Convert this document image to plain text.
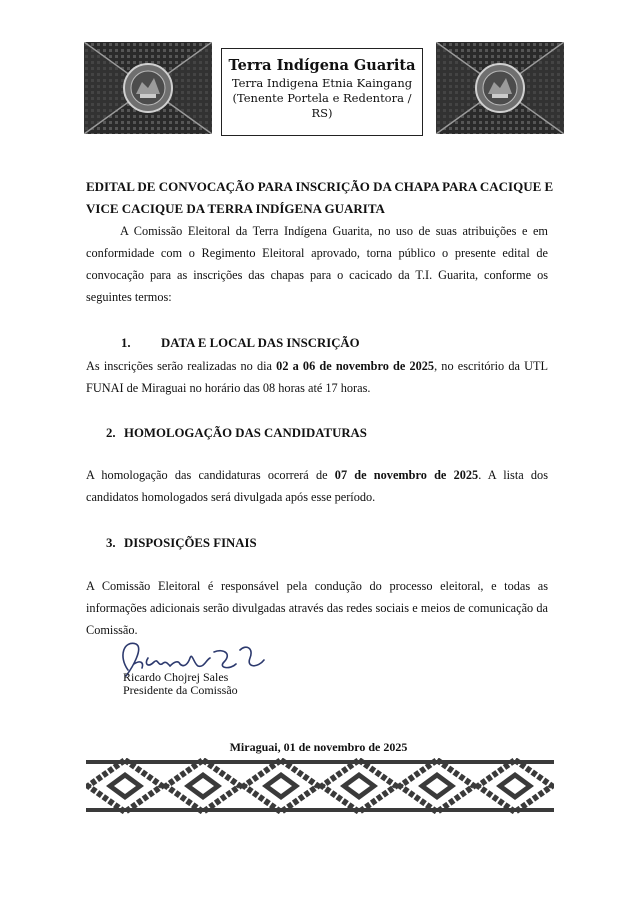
Terra Indígena Guarita
Terra Indigena Etnia Kaingang (Tenente Portela e Redentora / RS)
EDITAL DE CONVOCAÇÃO PARA INSCRIÇÃO DA CHAPA PARA CACIQUE E
VICE CACIQUE DA TERRA INDÍGENA GUARITA
A Comissão Eleitoral da Terra Indígena Guarita, no uso de suas atribuições e em conformidade com o Regimento Eleitoral aprovado, torna público o presente edital de convocação para as inscrições das chapas para o cacicado da T.I. Guarita, conforme os seguintes termos:
1. DATA E LOCAL DAS INSCRIÇÃO
As inscrições serão realizadas no dia 02 a 06 de novembro de 2025, no escritório da UTL FUNAI de Miraguai no horário das 08 horas até 17 horas.
2. HOMOLOGAÇÃO DAS CANDIDATURAS
A homologação das candidaturas ocorrerá de 07 de novembro de 2025. A lista dos candidatos homologados será divulgada após esse período.
3. DISPOSIÇÕES FINAIS
A Comissão Eleitoral é responsável pela condução do processo eleitoral, e todas as informações adicionais serão divulgadas através das redes sociais e meios de comunicação da Comissão.
Ricardo Chojrej Sales
Presidente da Comissão
Miraguai, 01 de novembro de 2025
